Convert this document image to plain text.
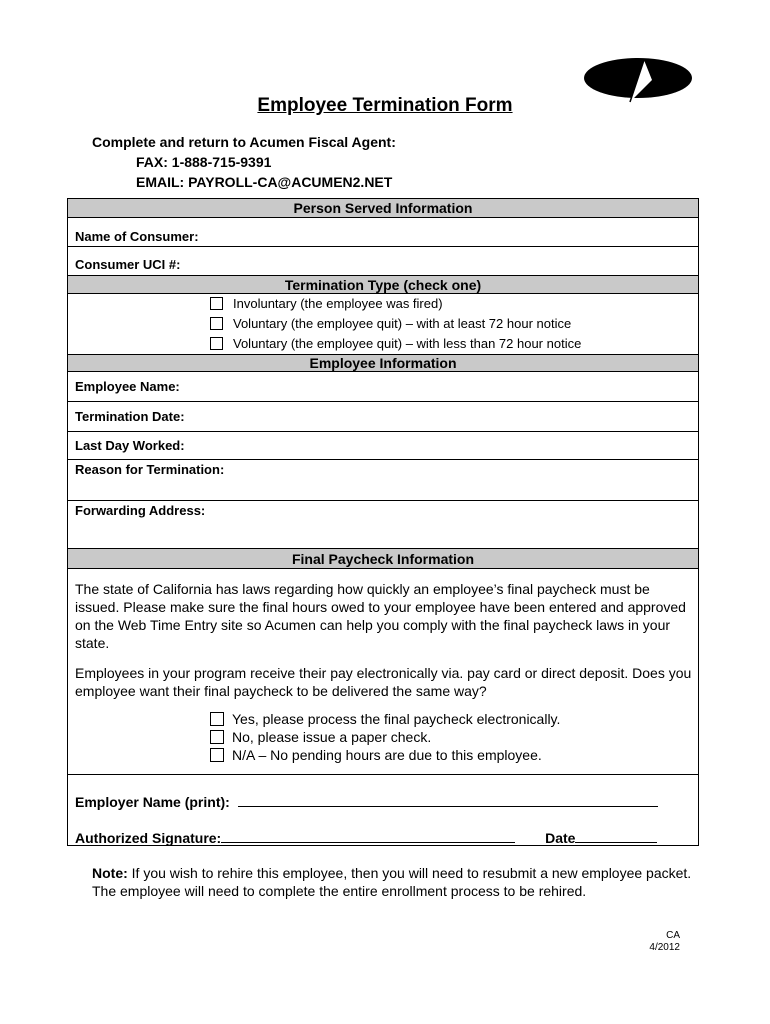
Employee Termination Form
Complete and return to Acumen Fiscal Agent:
FAX: 1-888-715-9391
EMAIL: PAYROLL-CA@ACUMEN2.NET
Person Served Information
Name of Consumer:
Consumer UCI #:
Termination Type (check one)
Involuntary (the employee was fired)
Voluntary (the employee quit) – with at least 72 hour notice
Voluntary (the employee quit) – with less than 72 hour notice
Employee Information
Employee Name:
Termination Date:
Last Day Worked:
Reason for Termination:
Forwarding Address:
Final Paycheck Information

The state of California has laws regarding how quickly an employee’s final paycheck must be issued. Please make sure the final hours owed to your employee have been entered and approved on the Web Time Entry site so Acumen can help you comply with the final paycheck laws in your state.

Employees in your program receive their pay electronically via. pay card or direct deposit. Does you employee want their final paycheck to be delivered the same way?

Yes, please process the final paycheck electronically.
No, please issue a paper check.
N/A – No pending hours are due to this employee.
Employer Name (print):
Authorized Signature:	Date

Note: If you wish to rehire this employee, then you will need to resubmit a new employee packet. The employee will need to complete the entire enrollment process to be rehired.

CA
4/2012
